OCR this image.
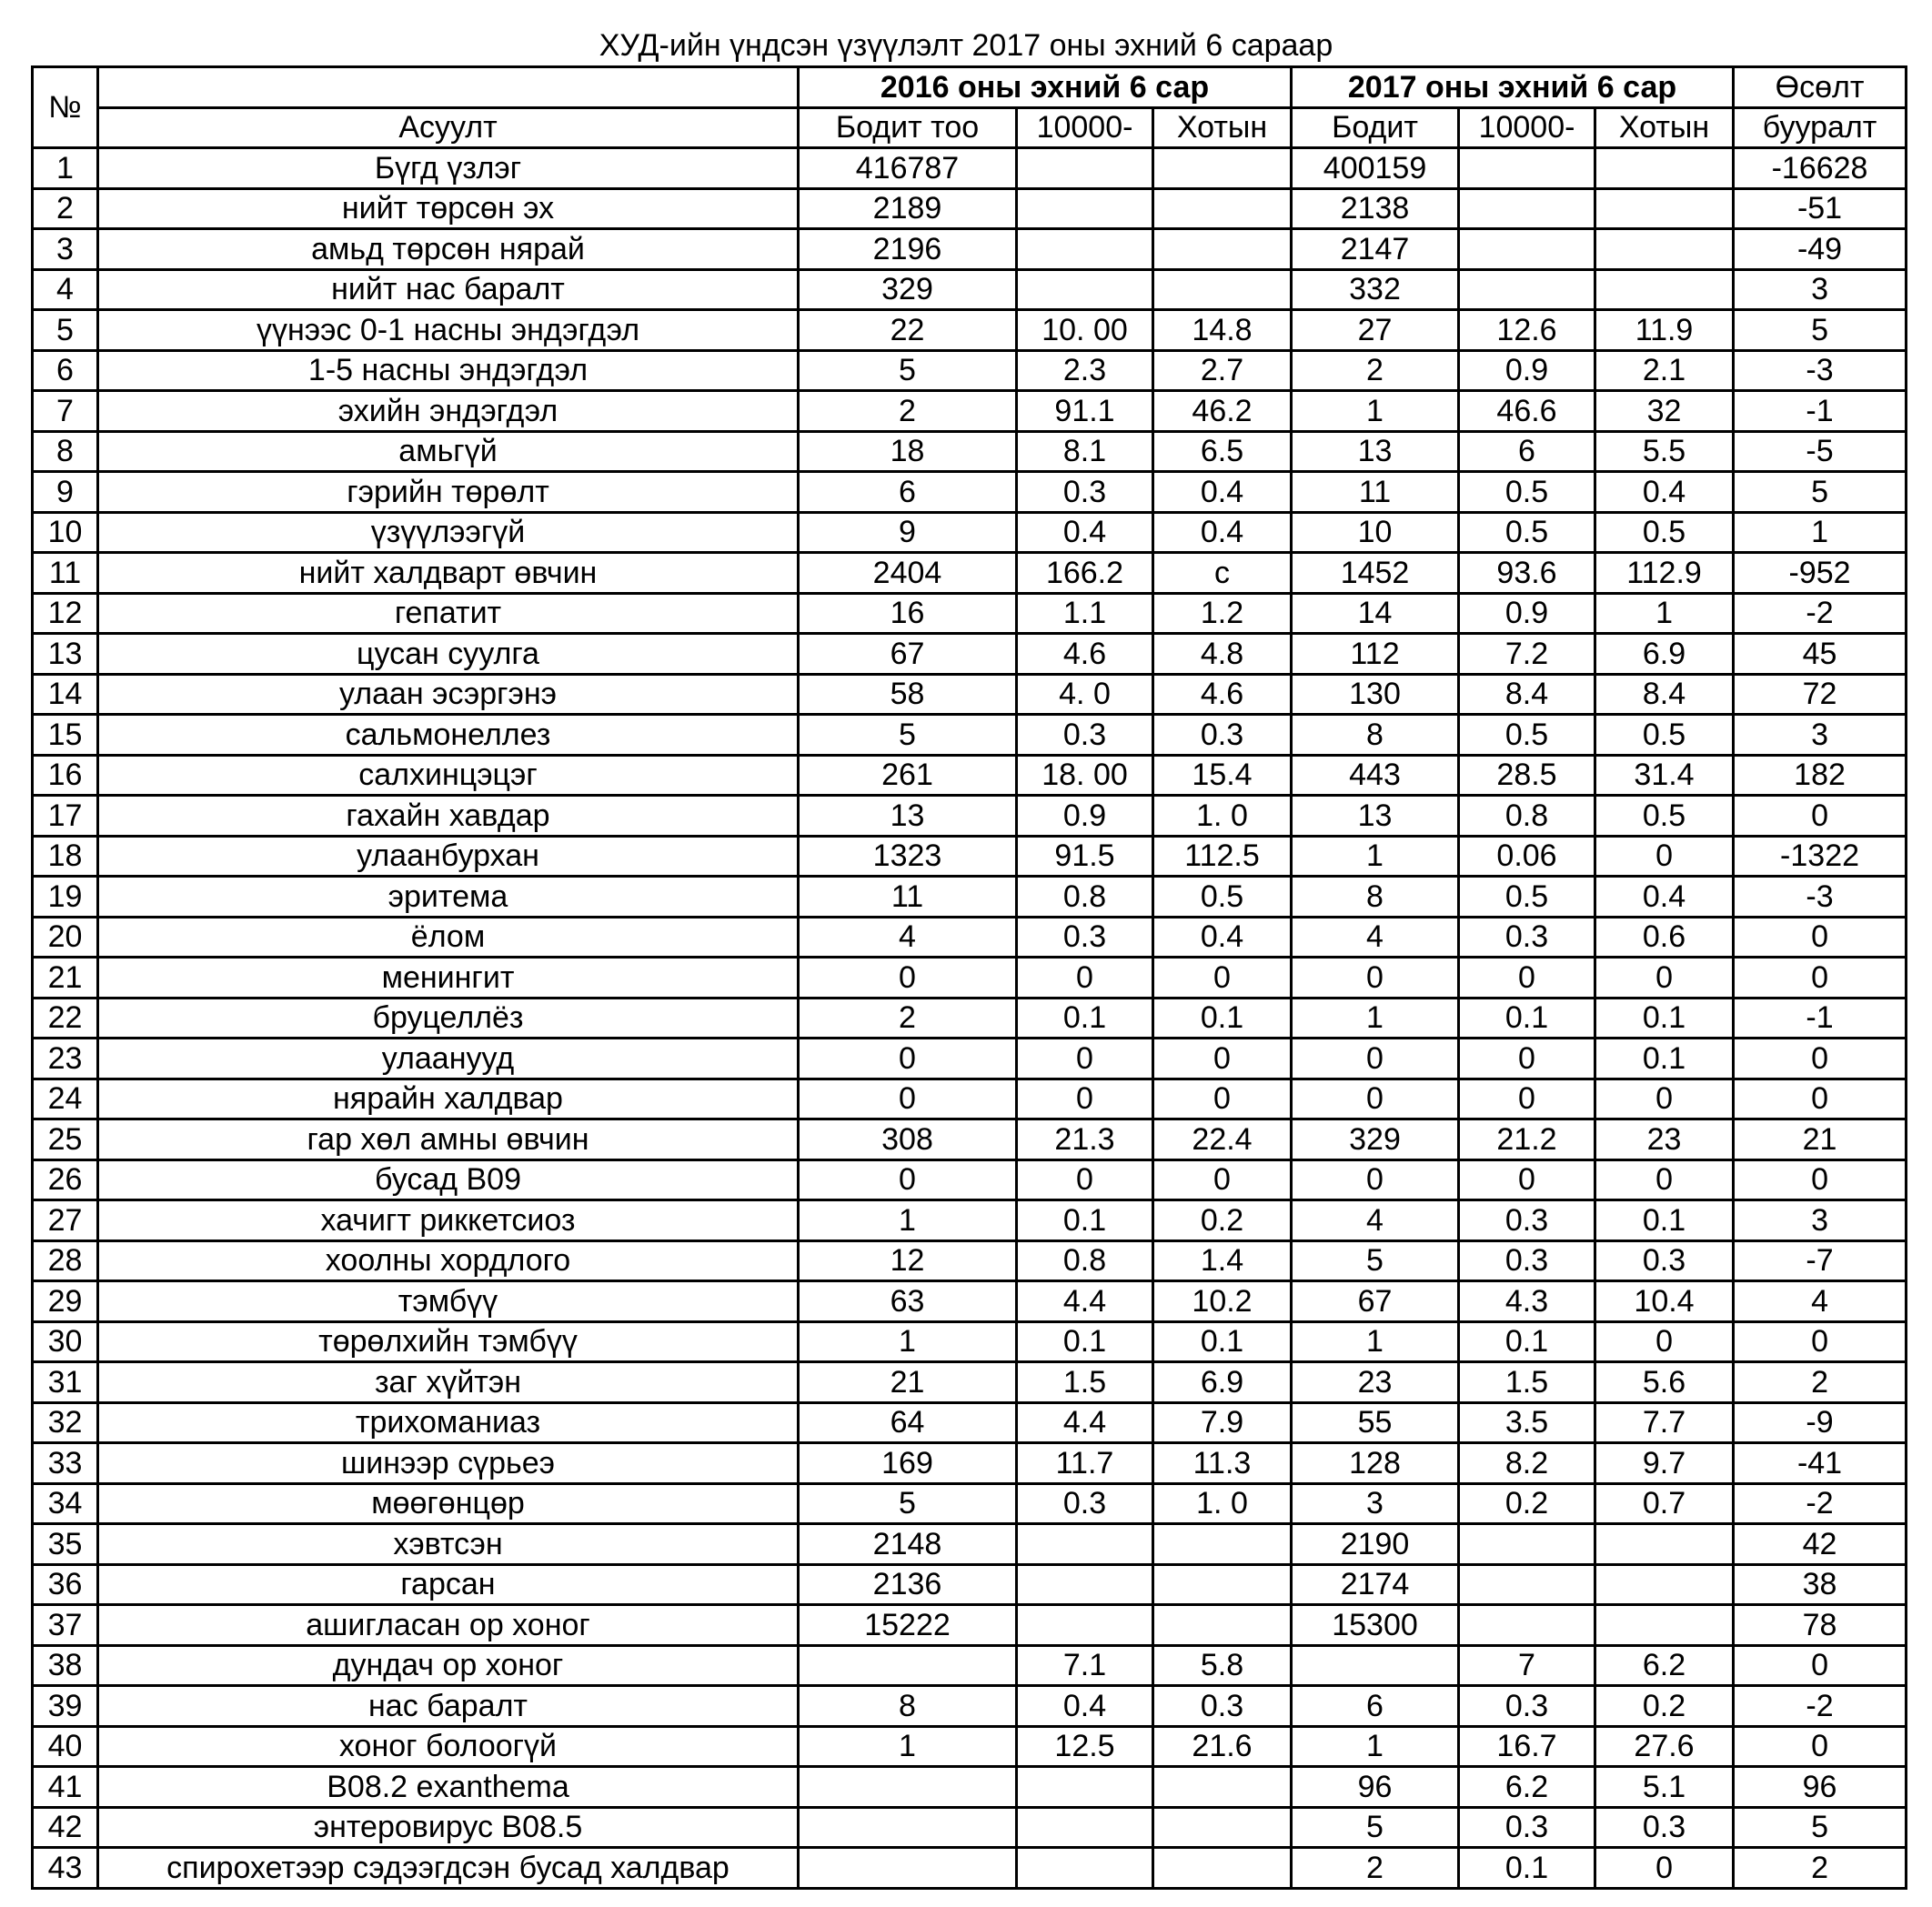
ХУД-ийн үндсэн үзүүлэлт 2017 оны эхний 6 сараар
№		2016 оны эхний 6 сар			2017 оны эхний 6 сар			Өсөлт
	Асуулт	Бодит тоо	10000-	Хотын	Бодит	10000-	Хотын	бууралт
1	Бүгд үзлэг	416787			400159			-16628
2	нийт төрсөн эх	2189			2138			-51
3	амьд төрсөн нярай	2196			2147			-49
4	нийт нас баралт	329			332			3
5	үүнээс 0-1 насны эндэгдэл	22	10. 00	14.8	27	12.6	11.9	5
6	1-5 насны эндэгдэл	5	2.3	2.7	2	0.9	2.1	-3
7	эхийн эндэгдэл	2	91.1	46.2	1	46.6	32	-1
8	амьгүй	18	8.1	6.5	13	6	5.5	-5
9	гэрийн төрөлт	6	0.3	0.4	11	0.5	0.4	5
10	үзүүлээгүй	9	0.4	0.4	10	0.5	0.5	1
11	нийт халдварт өвчин	2404	166.2	с	1452	93.6	112.9	-952
12	гепатит	16	1.1	1.2	14	0.9	1	-2
13	цусан суулга	67	4.6	4.8	112	7.2	6.9	45
14	улаан эсэргэнэ	58	4. 0	4.6	130	8.4	8.4	72
15	сальмонеллез	5	0.3	0.3	8	0.5	0.5	3
16	салхинцэцэг	261	18. 00	15.4	443	28.5	31.4	182
17	гахайн хавдар	13	0.9	1. 0	13	0.8	0.5	0
18	улаанбурхан	1323	91.5	112.5	1	0.06	0	-1322
19	эритема	11	0.8	0.5	8	0.5	0.4	-3
20	ёлом	4	0.3	0.4	4	0.3	0.6	0
21	менингит	0	0	0	0	0	0	0
22	бруцеллёз	2	0.1	0.1	1	0.1	0.1	-1
23	улаанууд	0	0	0	0	0	0.1	0
24	нярайн халдвар	0	0	0	0	0	0	0
25	гар хөл амны өвчин	308	21.3	22.4	329	21.2	23	21
26	бусад В09	0	0	0	0	0	0	0
27	хачигт риккетсиоз	1	0.1	0.2	4	0.3	0.1	3
28	хоолны хордлого	12	0.8	1.4	5	0.3	0.3	-7
29	тэмбүү	63	4.4	10.2	67	4.3	10.4	4
30	төрөлхийн тэмбүү	1	0.1	0.1	1	0.1	0	0
31	заг хүйтэн	21	1.5	6.9	23	1.5	5.6	2
32	трихоманиаз	64	4.4	7.9	55	3.5	7.7	-9
33	шинээр сүрьеэ	169	11.7	11.3	128	8.2	9.7	-41
34	мөөгөнцөр	5	0.3	1. 0	3	0.2	0.7	-2
35	хэвтсэн	2148			2190			42
36	гарсан	2136			2174			38
37	ашигласан ор хоног	15222			15300			78
38	дундач ор хоног		7.1	5.8		7	6.2	0
39	нас баралт	8	0.4	0.3	6	0.3	0.2	-2
40	хоног болоогүй	1	12.5	21.6	1	16.7	27.6	0
41	В08.2 exanthema				96	6.2	5.1	96
42	энтеровирус В08.5				5	0.3	0.3	5
43	спирохетээр сэдээгдсэн бусад халдвар				2	0.1	0	2
